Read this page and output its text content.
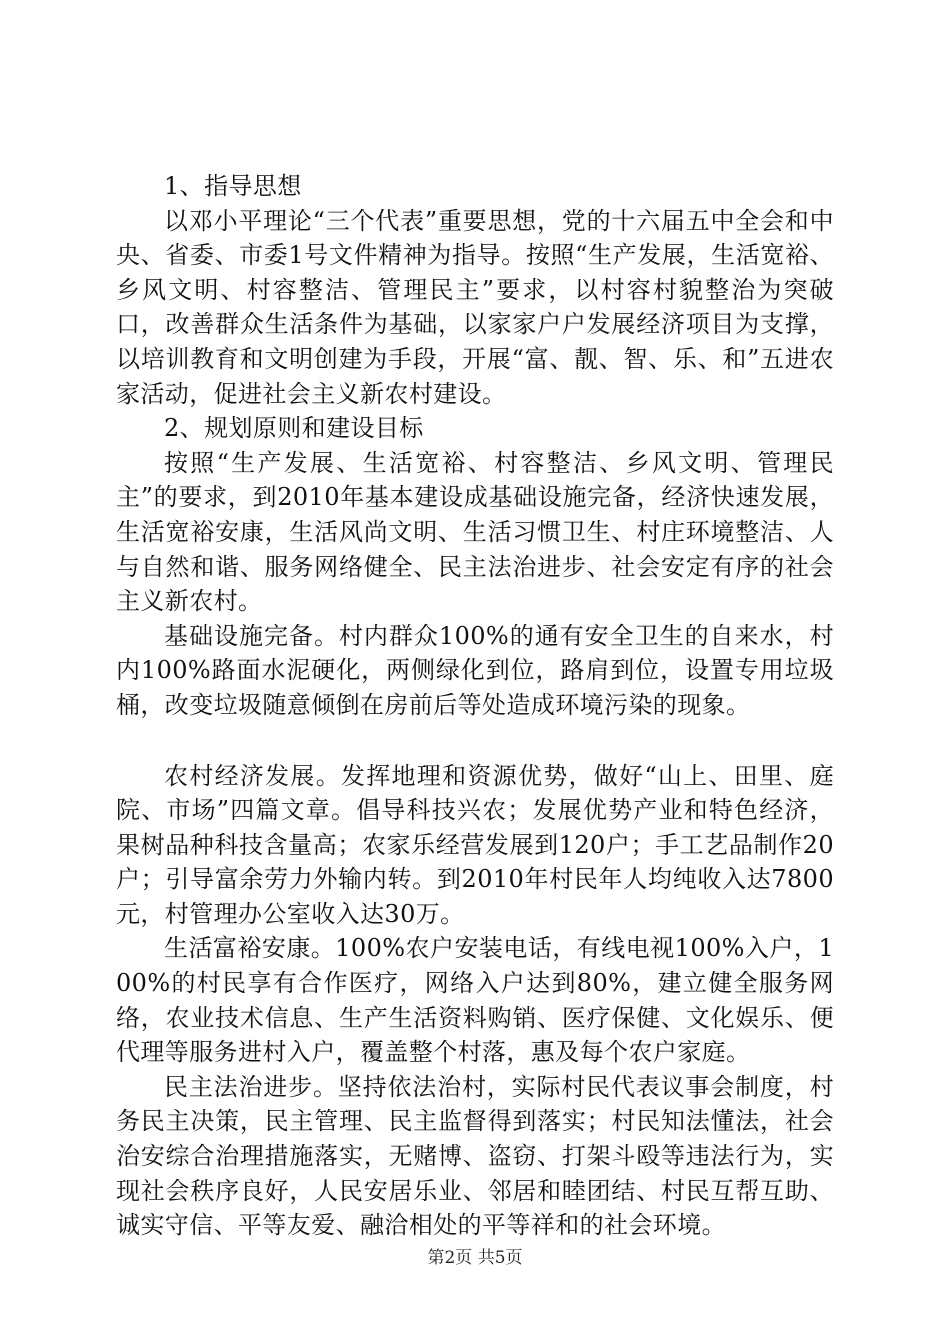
1、指导思想

以邓小平理论“三个代表”重要思想，党的十六届五中全会和中央、省委、市委1号文件精神为指导。按照“生产发展，生活宽裕、乡风文明、村容整洁、管理民主”要求，以村容村貌整治为突破口，改善群众生活条件为基础，以家家户户发展经济项目为支撑，以培训教育和文明创建为手段，开展“富、靓、智、乐、和”五进农家活动，促进社会主义新农村建设。

2、规划原则和建设目标

按照“生产发展、生活宽裕、村容整洁、乡风文明、管理民主”的要求，到2010年基本建设成基础设施完备，经济快速发展，生活宽裕安康，生活风尚文明、生活习惯卫生、村庄环境整洁、人与自然和谐、服务网络健全、民主法治进步、社会安定有序的社会主义新农村。

基础设施完备。村内群众100%的通有安全卫生的自来水，村内100%路面水泥硬化，两侧绿化到位，路肩到位，设置专用垃圾桶，改变垃圾随意倾倒在房前后等处造成环境污染的现象。

农村经济发展。发挥地理和资源优势，做好“山上、田里、庭院、市场”四篇文章。倡导科技兴农；发展优势产业和特色经济，果树品种科技含量高；农家乐经营发展到120户；手工艺品制作20户；引导富余劳力外输内转。到2010年村民年人均纯收入达7800元，村管理办公室收入达30万。

生活富裕安康。100%农户安装电话，有线电视100%入户，100%的村民享有合作医疗，网络入户达到80%，建立健全服务网络，农业技术信息、生产生活资料购销、医疗保健、文化娱乐、便代理等服务进村入户，覆盖整个村落，惠及每个农户家庭。

民主法治进步。坚持依法治村，实际村民代表议事会制度，村务民主决策，民主管理、民主监督得到落实；村民知法懂法，社会治安综合治理措施落实，无赌博、盗窃、打架斗殴等违法行为，实现社会秩序良好，人民安居乐业、邻居和睦团结、村民互帮互助、诚实守信、平等友爱、融洽相处的平等祥和的社会环境。

第2页 共5页
